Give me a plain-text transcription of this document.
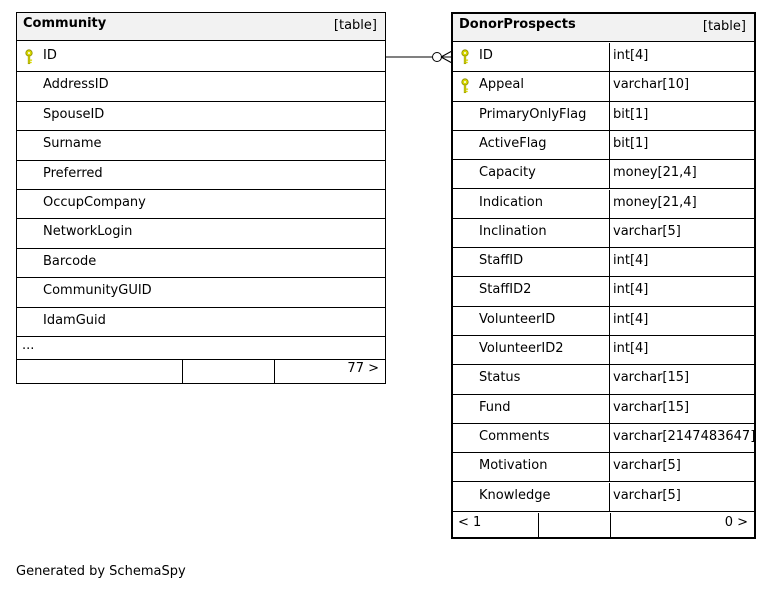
Community	[table]
ID
AddressID
SpouseID
Surname
Preferred
OccupCompany
NetworkLogin
Barcode
CommunityGUID
IdamGuid
...
77 >
DonorProspects	[table]
ID	int[4]
Appeal	varchar[10]
PrimaryOnlyFlag bit[1]
ActiveFlag	bit[1]
Capacity	money[21,4]
Indication	money[21,4]
Inclination	varchar[5]
StaffID	int[4]
StaffID2	int[4]
VolunteerID	int[4]
VolunteerID2	int[4]
Status	varchar[15]
Fund	varchar[15]
Comments	varchar[2147483647]
Motivation	varchar[5]
Knowledge	varchar[5]
< 1	0 >
Generated by SchemaSpy
